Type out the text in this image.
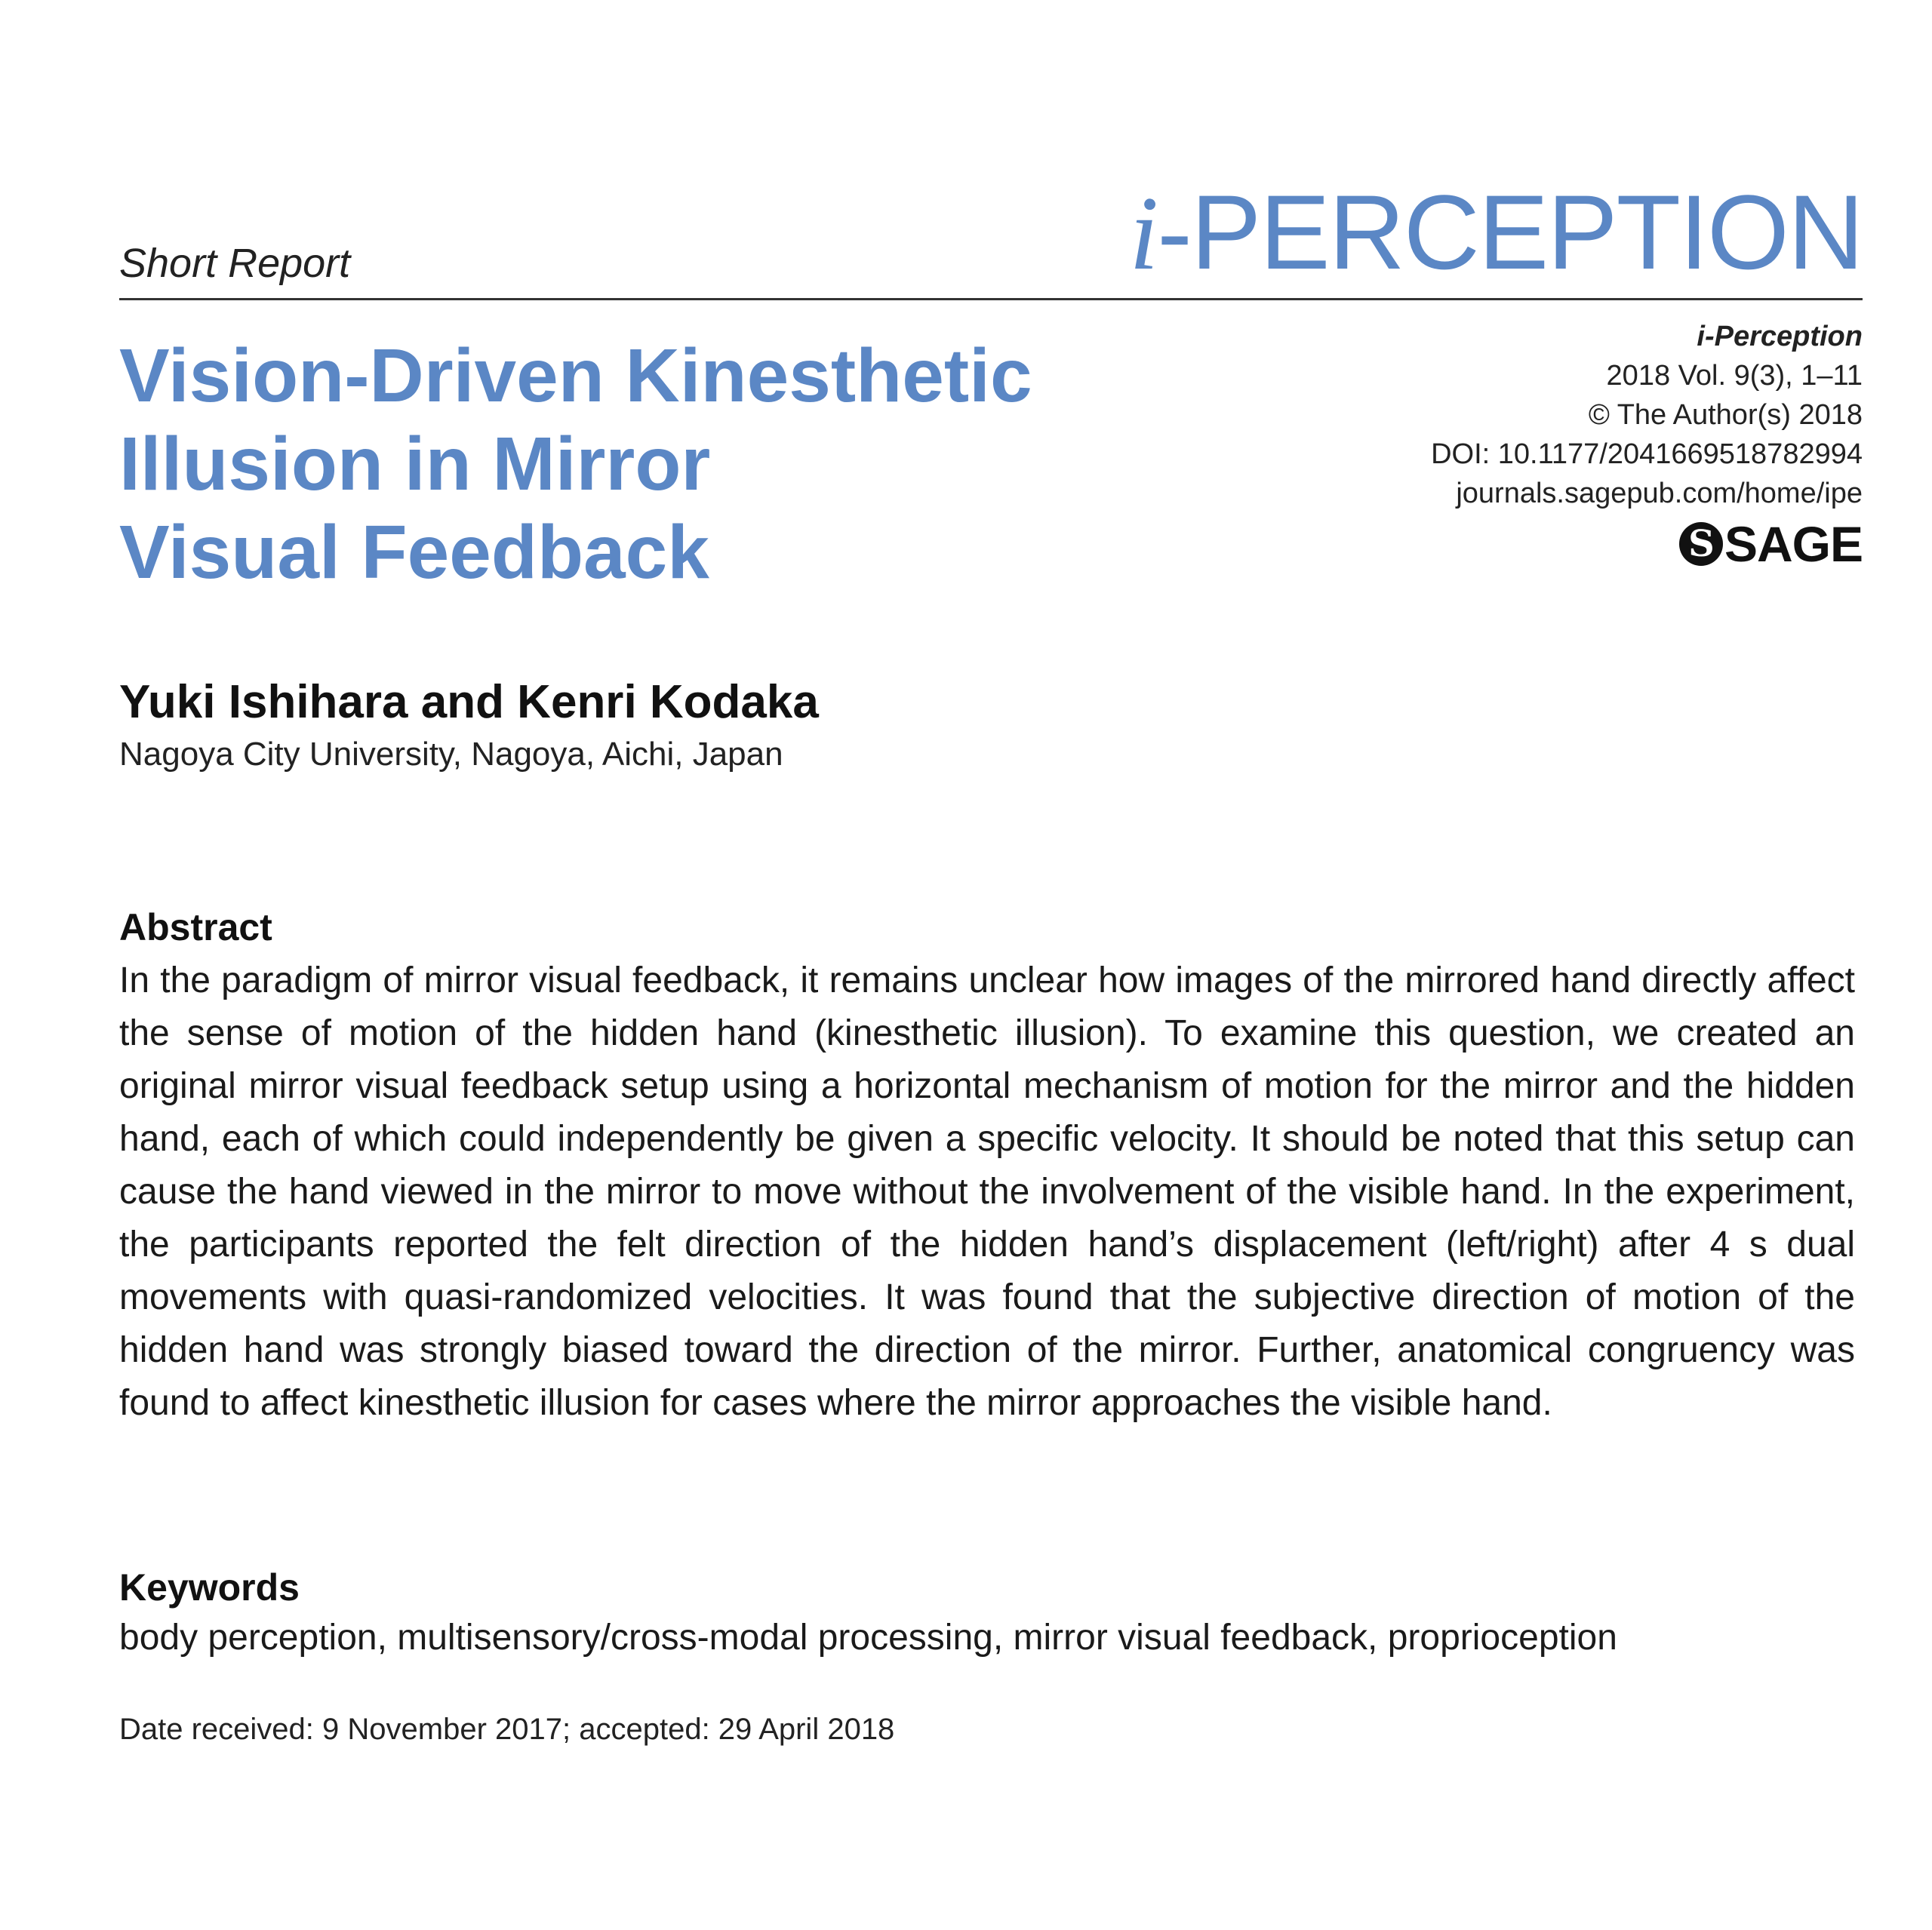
Short Report	i-PERCEPTION
Vision-Driven Kinesthetic
Illusion in Mirror
Visual Feedback
i-Perception
2018 Vol. 9(3), 1–11
© The Author(s) 2018
DOI: 10.1177/2041669518782994
journals.sagepub.com/home/ipe
S SAGE
Yuki Ishihara and Kenri Kodaka
Nagoya City University, Nagoya, Aichi, Japan
Abstract
In the paradigm of mirror visual feedback, it remains unclear how images of the mirrored hand directly affect the sense of motion of the hidden hand (kinesthetic illusion). To examine this question, we created an original mirror visual feedback setup using a horizontal mechanism of motion for the mirror and the hidden hand, each of which could independently be given a specific velocity. It should be noted that this setup can cause the hand viewed in the mirror to move without the involvement of the visible hand. In the experiment, the participants reported the felt direction of the hidden hand’s displacement (left/right) after 4 s dual movements with quasi-randomized velocities. It was found that the subjective direction of motion of the hidden hand was strongly biased toward the direction of the mirror. Further, anatomical congruency was found to affect kinesthetic illusion for cases where the mirror approaches the visible hand.
Keywords
body perception, multisensory/cross-modal processing, mirror visual feedback, proprioception
Date received: 9 November 2017; accepted: 29 April 2018
